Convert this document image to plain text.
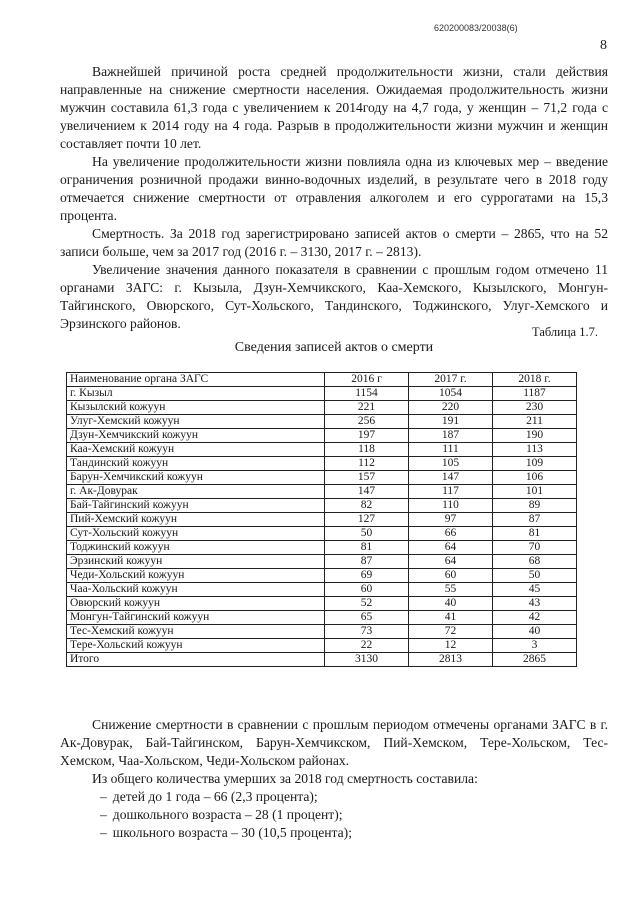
620200083/20038(6)
8

Важнейшей причиной роста средней продолжительности жизни, стали действия направленные на снижение смертности населения. Ожидаемая продолжительность жизни мужчин составила 61,3 года с увеличением к 2014году на 4,7 года, у женщин – 71,2 года с увеличением к 2014 году на 4 года. Разрыв в продолжительности жизни мужчин и женщин составляет почти 10 лет.

На увеличение продолжительности жизни повлияла одна из ключевых мер – введение ограничения розничной продажи винно-водочных изделий, в результате чего в 2018 году отмечается снижение смертности от отравления алкоголем и его суррогатами на 15,3 процента.

Смертность. За 2018 год зарегистрировано записей актов о смерти – 2865, что на 52 записи больше, чем за 2017 год (2016 г. – 3130, 2017 г. – 2813).

Увеличение значения данного показателя в сравнении с прошлым годом отмечено 11 органами ЗАГС: г. Кызыла, Дзун-Хемчикского, Каа-Хемского, Кызылского, Монгун-Тайгинского, Овюрского, Сут-Хольского, Тандинского, Тоджинского, Улуг-Хемского и Эрзинского районов.

Таблица 1.7.
Сведения записей актов о смерти
Наименование органа ЗАГС	2016 г	2017 г.	2018 г.
г. Кызыл	1154	1054	1187
Кызылский кожуун	221	220	230
Улуг-Хемский кожуун	256	191	211
Дзун-Хемчикский кожуун	197	187	190
Каа-Хемский кожуун	118	111	113
Тандинский кожуун	112	105	109
Барун-Хемчикский кожуун	157	147	106
г. Ак-Довурак	147	117	101
Бай-Тайгинский кожуун	82	110	89
Пий-Хемский кожуун	127	97	87
Сут-Хольский кожуун	50	66	81
Тоджинский кожуун	81	64	70
Эрзинский кожуун	87	64	68
Чеди-Хольский кожуун	69	60	50
Чаа-Хольский кожуун	60	55	45
Овюрский кожуун	52	40	43
Монгун-Тайгинский кожуун	65	41	42
Тес-Хемский кожуун	73	72	40
Тере-Хольский кожуун	22	12	3
Итого	3130	2813	2865

Снижение смертности в сравнении с прошлым периодом отмечены органами ЗАГС в г. Ак-Довурак, Бай-Тайгинском, Барун-Хемчикском, Пий-Хемском, Тере-Хольском, Тес-Хемском, Чаа-Хольском, Чеди-Хольском районах.

Из общего количества умерших за 2018 год смертность составила:

– детей до 1 года – 66 (2,3 процента);
– дошкольного возраста – 28 (1 процент);
– школьного возраста – 30 (10,5 процента);
